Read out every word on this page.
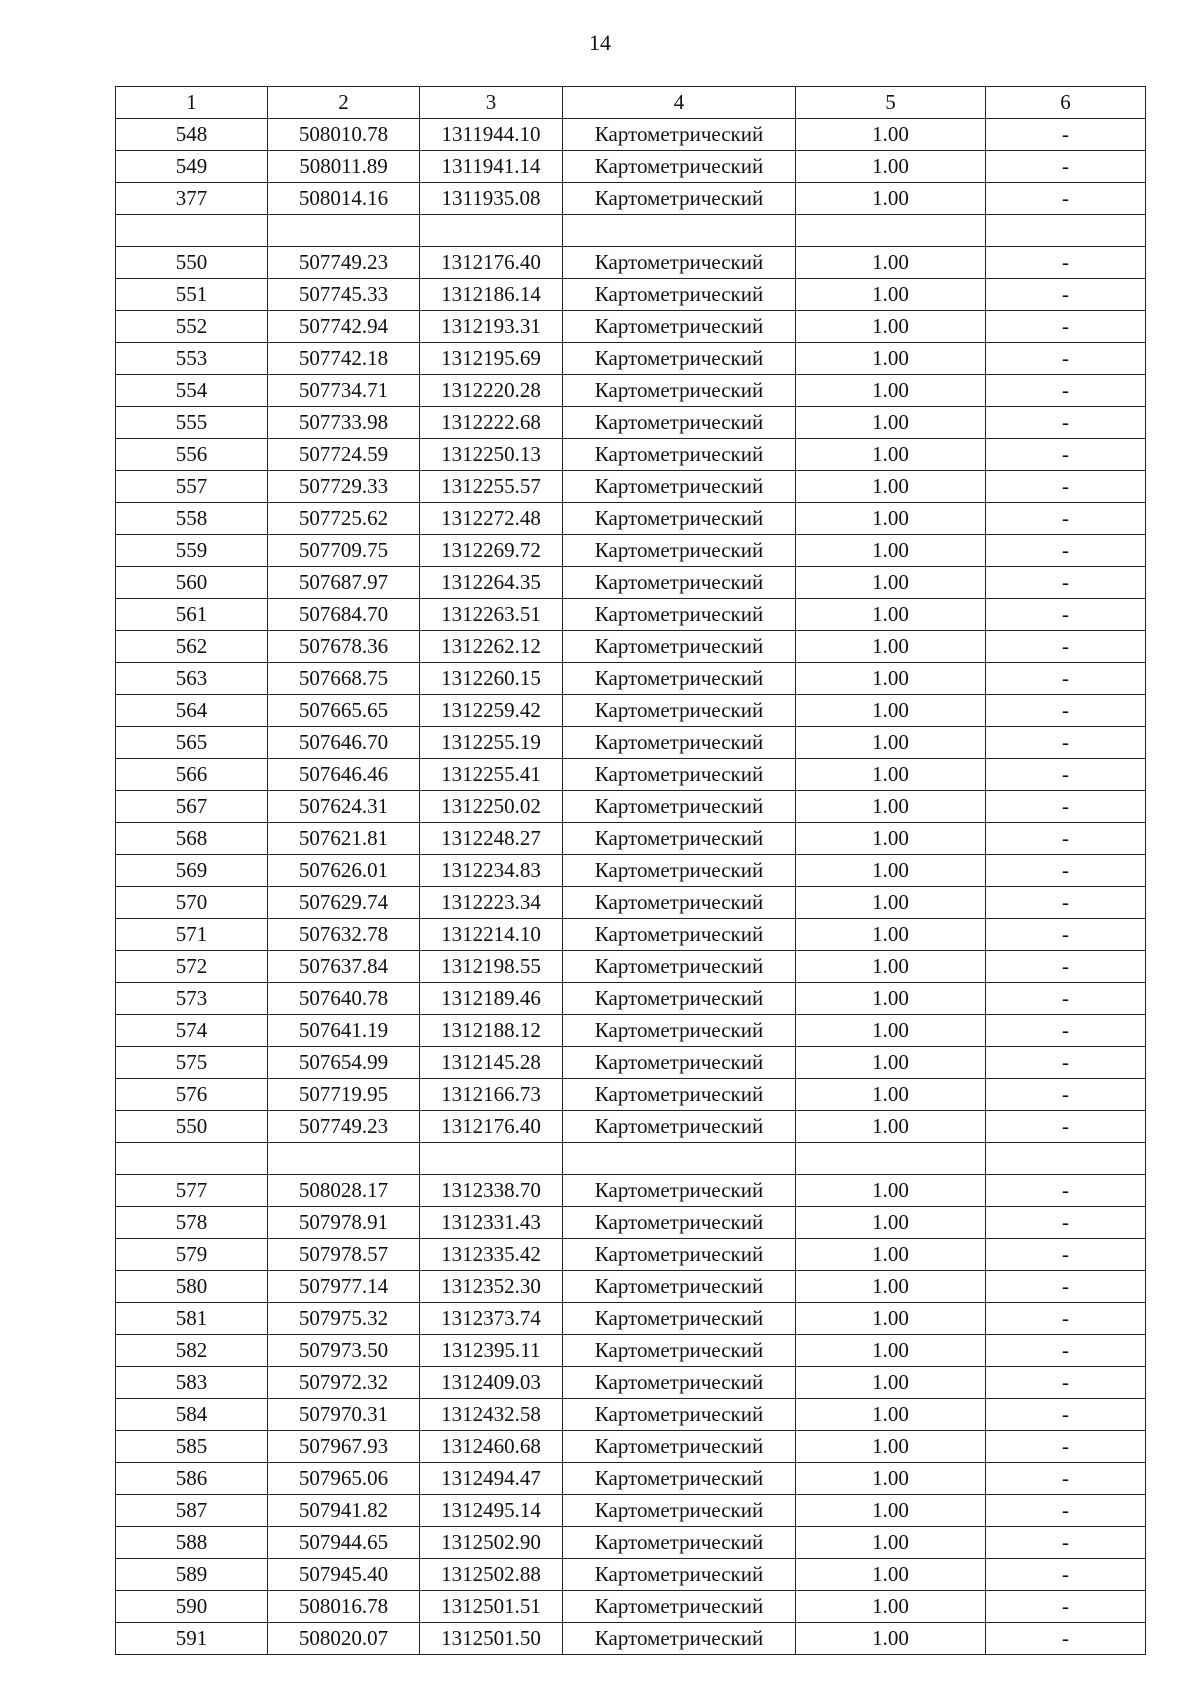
14
1	2	3	4	5	6
548	508010.78	1311944.10	Картометрический	1.00	-
549	508011.89	1311941.14	Картометрический	1.00	-
377	508014.16	1311935.08	Картометрический	1.00	-

550	507749.23	1312176.40	Картометрический	1.00	-
551	507745.33	1312186.14	Картометрический	1.00	-
552	507742.94	1312193.31	Картометрический	1.00	-
553	507742.18	1312195.69	Картометрический	1.00	-
554	507734.71	1312220.28	Картометрический	1.00	-
555	507733.98	1312222.68	Картометрический	1.00	-
556	507724.59	1312250.13	Картометрический	1.00	-
557	507729.33	1312255.57	Картометрический	1.00	-
558	507725.62	1312272.48	Картометрический	1.00	-
559	507709.75	1312269.72	Картометрический	1.00	-
560	507687.97	1312264.35	Картометрический	1.00	-
561	507684.70	1312263.51	Картометрический	1.00	-
562	507678.36	1312262.12	Картометрический	1.00	-
563	507668.75	1312260.15	Картометрический	1.00	-
564	507665.65	1312259.42	Картометрический	1.00	-
565	507646.70	1312255.19	Картометрический	1.00	-
566	507646.46	1312255.41	Картометрический	1.00	-
567	507624.31	1312250.02	Картометрический	1.00	-
568	507621.81	1312248.27	Картометрический	1.00	-
569	507626.01	1312234.83	Картометрический	1.00	-
570	507629.74	1312223.34	Картометрический	1.00	-
571	507632.78	1312214.10	Картометрический	1.00	-
572	507637.84	1312198.55	Картометрический	1.00	-
573	507640.78	1312189.46	Картометрический	1.00	-
574	507641.19	1312188.12	Картометрический	1.00	-
575	507654.99	1312145.28	Картометрический	1.00	-
576	507719.95	1312166.73	Картометрический	1.00	-
550	507749.23	1312176.40	Картометрический	1.00	-

577	508028.17	1312338.70	Картометрический	1.00	-
578	507978.91	1312331.43	Картометрический	1.00	-
579	507978.57	1312335.42	Картометрический	1.00	-
580	507977.14	1312352.30	Картометрический	1.00	-
581	507975.32	1312373.74	Картометрический	1.00	-
582	507973.50	1312395.11	Картометрический	1.00	-
583	507972.32	1312409.03	Картометрический	1.00	-
584	507970.31	1312432.58	Картометрический	1.00	-
585	507967.93	1312460.68	Картометрический	1.00	-
586	507965.06	1312494.47	Картометрический	1.00	-
587	507941.82	1312495.14	Картометрический	1.00	-
588	507944.65	1312502.90	Картометрический	1.00	-
589	507945.40	1312502.88	Картометрический	1.00	-
590	508016.78	1312501.51	Картометрический	1.00	-
591	508020.07	1312501.50	Картометрический	1.00	-
